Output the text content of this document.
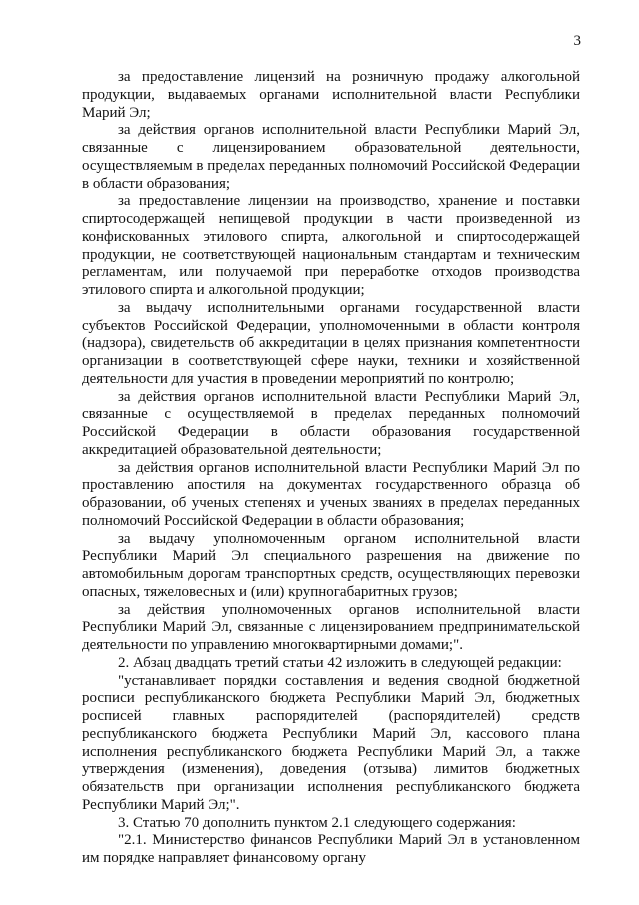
3

за предоставление лицензий на розничную продажу алкогольной продукции, выдаваемых органами исполнительной власти Республики Марий Эл;

за действия органов исполнительной власти Республики Марий Эл, связанные с лицензированием образовательной деятельности, осуществляемым в пределах переданных полномочий Российской Федерации в области образования;

за предоставление лицензии на производство, хранение и поставки спиртосодержащей непищевой продукции в части произведенной из конфискованных этилового спирта, алкогольной и спиртосодержащей продукции, не соответствующей национальным стандартам и техническим регламентам, или получаемой при переработке отходов производства этилового спирта и алкогольной продукции;

за выдачу исполнительными органами государственной власти субъектов Российской Федерации, уполномоченными в области контроля (надзора), свидетельств об аккредитации в целях признания компетентности организации в соответствующей сфере науки, техники и хозяйственной деятельности для участия в проведении мероприятий по контролю;

за действия органов исполнительной власти Республики Марий Эл, связанные с осуществляемой в пределах переданных полномочий Российской Федерации в области образования государственной аккредитацией образовательной деятельности;

за действия органов исполнительной власти Республики Марий Эл по проставлению апостиля на документах государственного образца об образовании, об ученых степенях и ученых званиях в пределах переданных полномочий Российской Федерации в области образования;

за выдачу уполномоченным органом исполнительной власти Республики Марий Эл специального разрешения на движение по автомобильным дорогам транспортных средств, осуществляющих перевозки опасных, тяжеловесных и (или) крупногабаритных грузов;

за действия уполномоченных органов исполнительной власти Республики Марий Эл, связанные с лицензированием предпринимательской деятельности по управлению многоквартирными домами;".

2. Абзац двадцать третий статьи 42 изложить в следующей редакции:

"устанавливает порядки составления и ведения сводной бюджетной росписи республиканского бюджета Республики Марий Эл, бюджетных росписей главных распорядителей (распорядителей) средств республиканского бюджета Республики Марий Эл, кассового плана исполнения республиканского бюджета Республики Марий Эл, а также утверждения (изменения), доведения (отзыва) лимитов бюджетных обязательств при организации исполнения республиканского бюджета Республики Марий Эл;".

3. Статью 70 дополнить пунктом 2.1 следующего содержания:

"2.1. Министерство финансов Республики Марий Эл в установленном им порядке направляет финансовому органу
